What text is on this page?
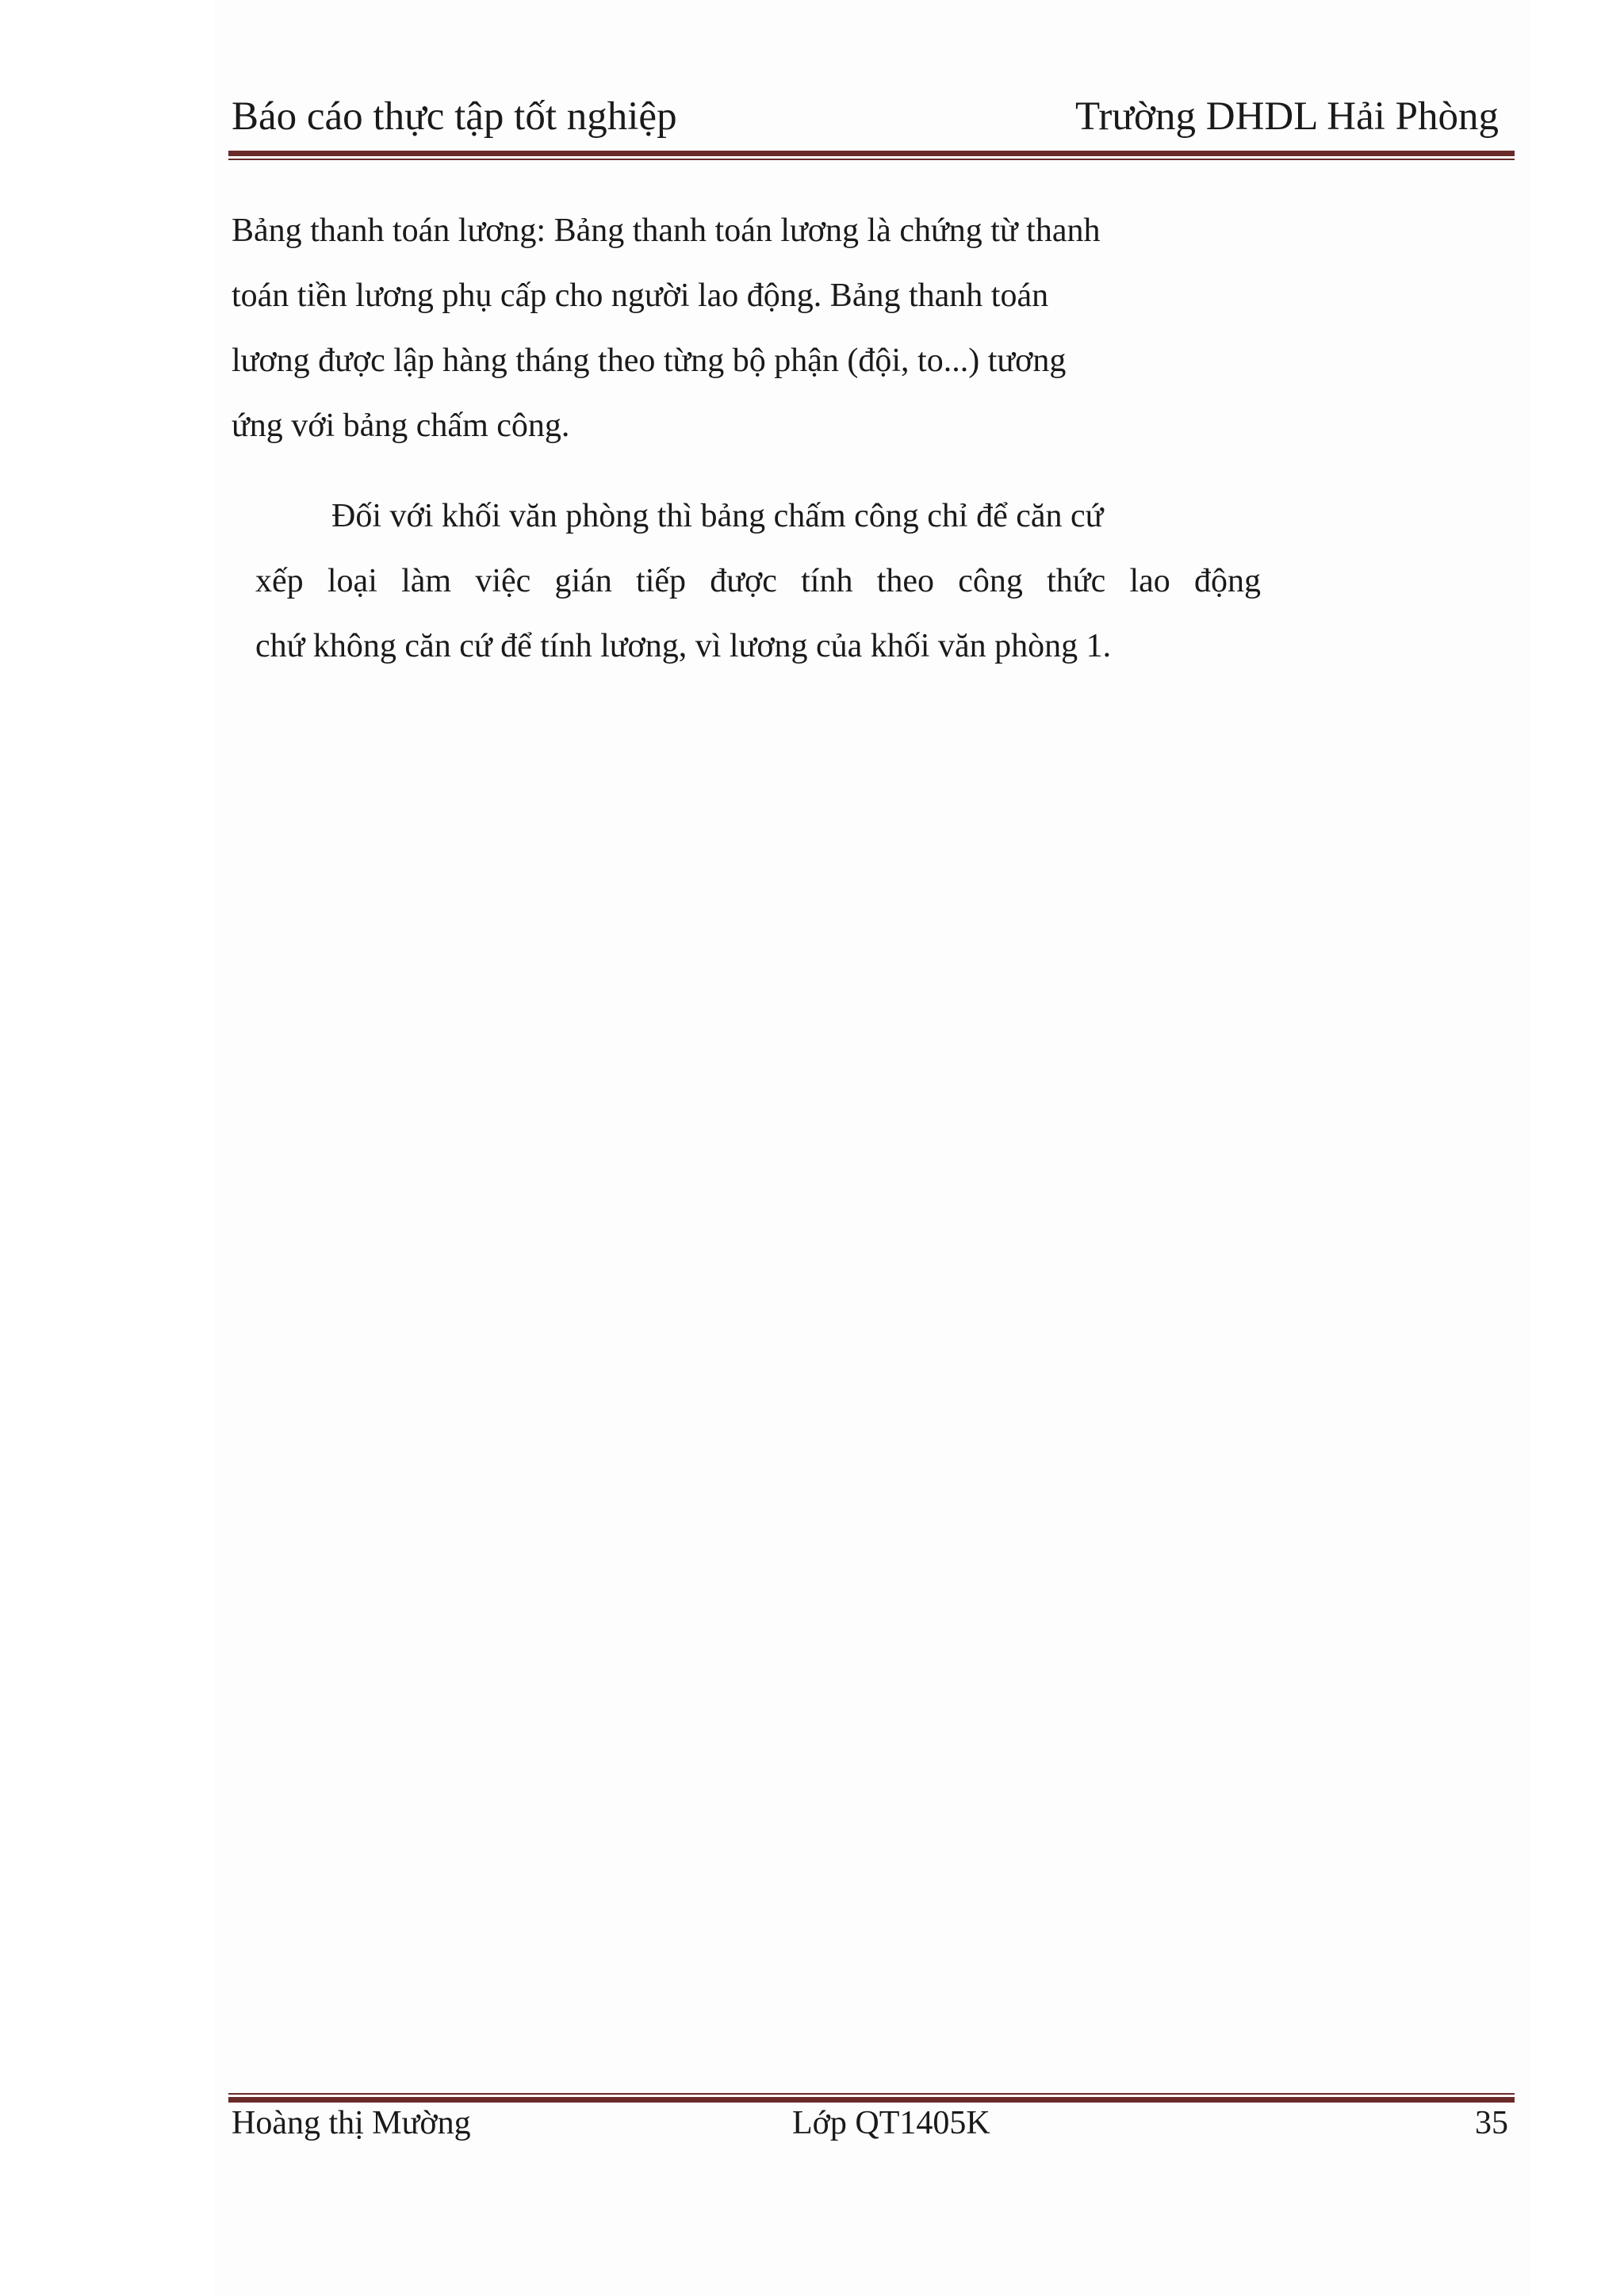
Báo cáo thực tập tốt nghiệp	Trường DHDL Hải Phòng
Bảng thanh toán lương: Bảng thanh toán lương là chứng từ thanh
toán tiền lương phụ cấp cho người lao động. Bảng thanh toán
lương được lập hàng tháng theo từng bộ phận (đội, to...) tương
ứng với bảng chấm công.
Đối với khối văn phòng thì bảng chấm công chỉ để căn cứ
xếp loại làm việc gián tiếp được tính theo công thức lao động
chứ không căn cứ để tính lương, vì lương của khối văn phòng 1.
Hoàng thị Mường	Lớp QT1405K	35
